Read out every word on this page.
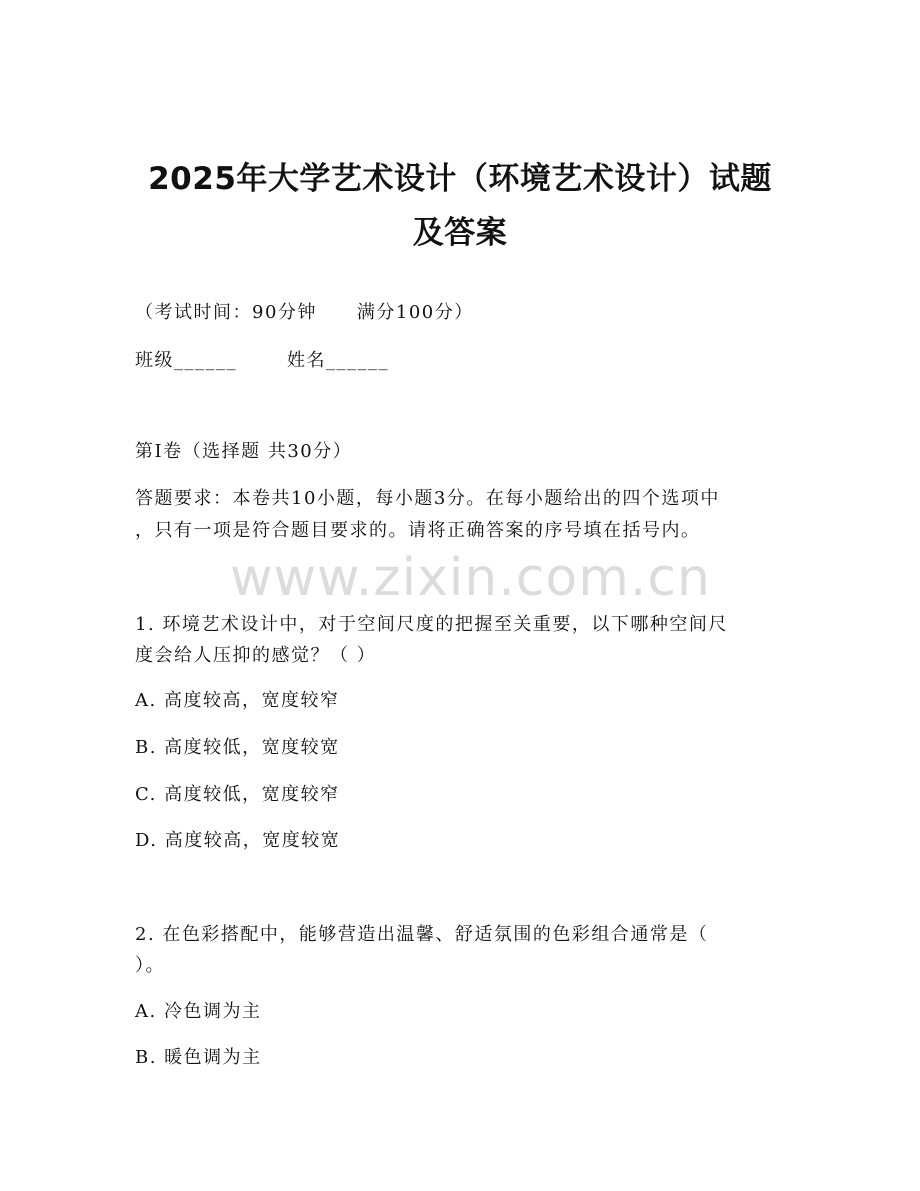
www.zixin.com.cn
2025年大学艺术设计（环境艺术设计）试题
及答案
（考试时间：90分钟 满分100分）
班级______	姓名______
第I卷（选择题 共30分）
答题要求：本卷共10小题，每小题3分。在每小题给出的四个选项中
，只有一项是符合题目要求的。请将正确答案的序号填在括号内。
1. 环境艺术设计中，对于空间尺度的把握至关重要，以下哪种空间尺
度会给人压抑的感觉？（ ）
A. 高度较高，宽度较窄
B. 高度较低，宽度较宽
C. 高度较低，宽度较窄
D. 高度较高，宽度较宽
2. 在色彩搭配中，能够营造出温馨、舒适氛围的色彩组合通常是（
）。
A. 冷色调为主
B. 暖色调为主
